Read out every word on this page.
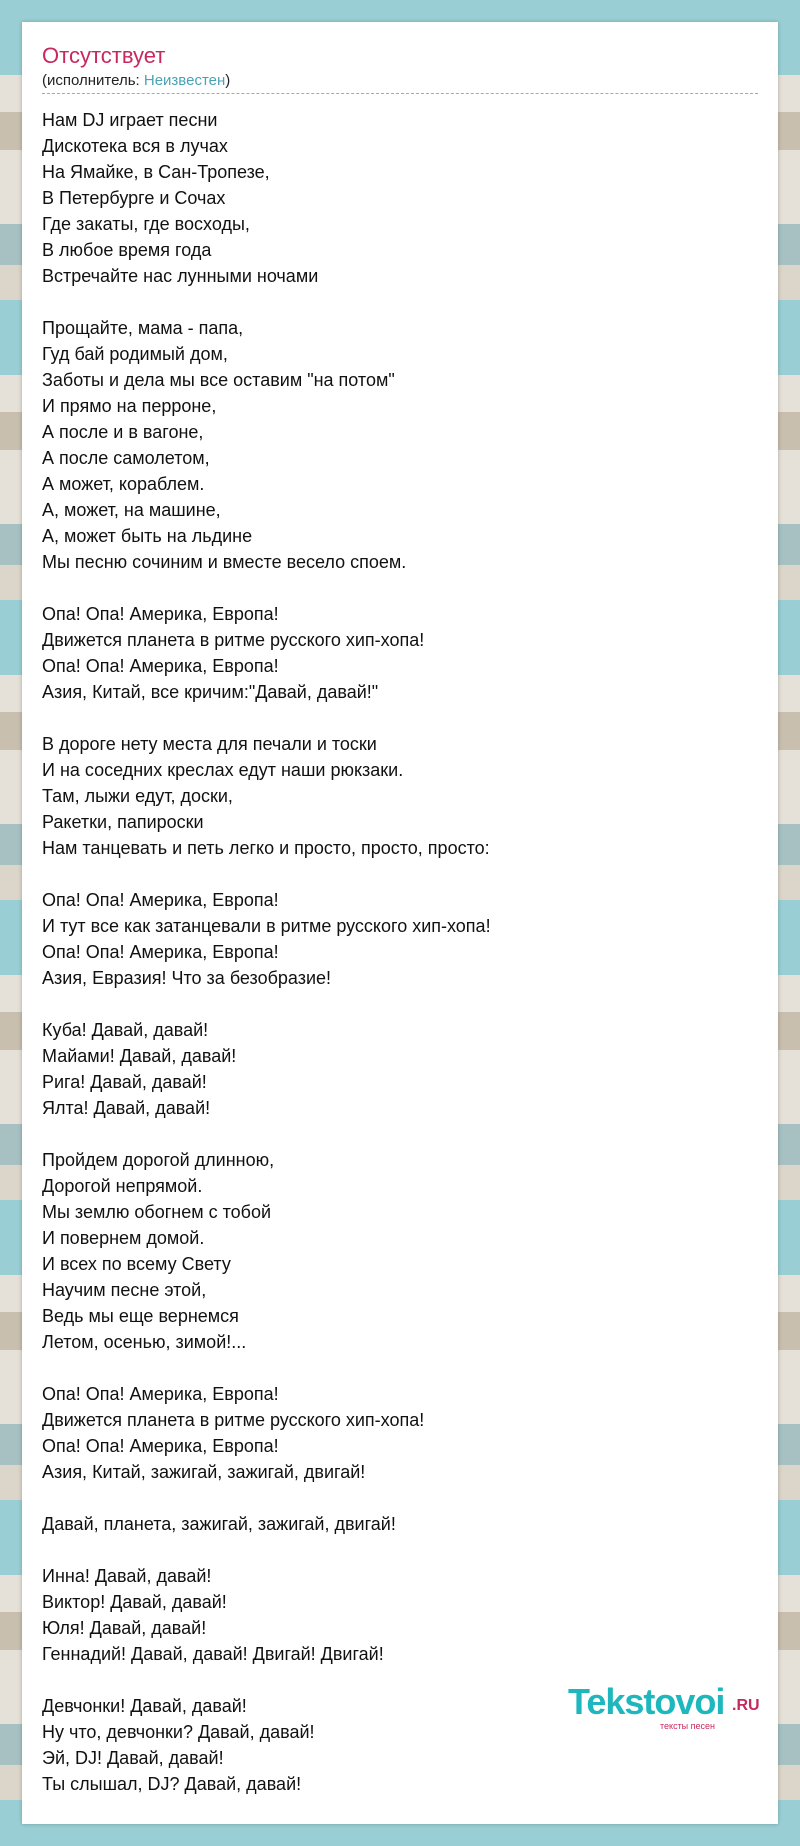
Отсутствует
(исполнитель: Неизвестен)
Нам DJ играет песни
Дискотека вся в лучах
На Ямайке, в Сан-Тропезе,
В Петербурге и Сочах
Где закаты, где восходы,
В любое время года
Встречайте нас лунными ночами
Прощайте, мама - папа,
Гуд бай родимый дом,
Заботы и дела мы все оставим "на потом"
И прямо на перроне,
А после и в вагоне,
А после самолетом,
А может, кораблем.
А, может, на машине,
А, может быть на льдине
Мы песню сочиним и вместе весело споем.
Опа! Опа! Америка, Европа!
Движется планета в ритме русского хип-хопа!
Опа! Опа! Америка, Европа!
Азия, Китай, все кричим:"Давай, давай!"
В дороге нету места для печали и тоски
И на соседних креслах едут наши рюкзаки.
Там, лыжи едут, доски,
Ракетки, папироски
Нам танцевать и петь легко и просто, просто, просто:
Опа! Опа! Америка, Европа!
И тут все как затанцевали в ритме русского хип-хопа!
Опа! Опа! Америка, Европа!
Азия, Евразия! Что за безобразие!
Куба! Давай, давай!
Майами! Давай, давай!
Рига! Давай, давай!
Ялта! Давай, давай!
Пройдем дорогой длинною,
Дорогой непрямой.
Мы землю обогнем с тобой
И повернем домой.
И всех по всему Свету
Научим песне этой,
Ведь мы еще вернемся
Летом, осенью, зимой!...
Опа! Опа! Америка, Европа!
Движется планета в ритме русского хип-хопа!
Опа! Опа! Америка, Европа!
Азия, Китай, зажигай, зажигай, двигай!
Давай, планета, зажигай, зажигай, двигай!
Инна! Давай, давай!
Виктор! Давай, давай!
Юля! Давай, давай!
Геннадий! Давай, давай! Двигай! Двигай!
Девчонки! Давай, давай!
Ну что, девчонки? Давай, давай!
Эй, DJ! Давай, давай!
Ты слышал, DJ? Давай, давай!
Tekstovoi .RU
тексты песен
